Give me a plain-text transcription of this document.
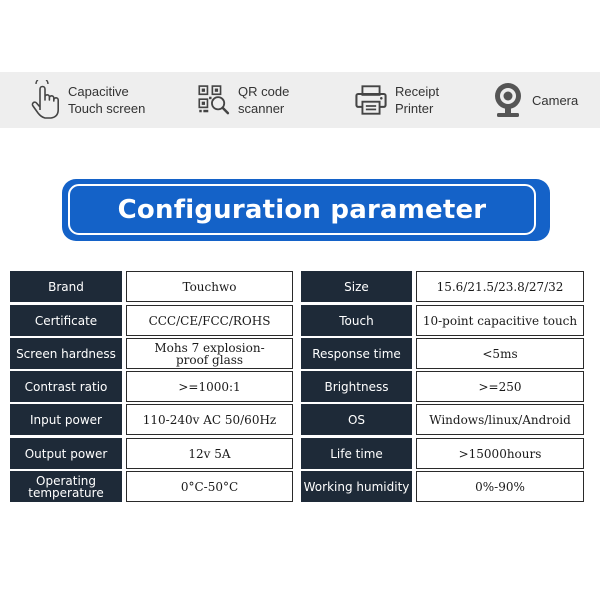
Capacitive
Touch screen
QR code
scanner
Receipt
Printer
Camera
Configuration parameter
Brand	Touchwo	Size	15.6/21.5/23.8/27/32
Certificate	CCC/CE/FCC/ROHS	Touch	10-point capacitive touch
Screen hardness	Mohs 7 explosion-proof glass	Response time	<5ms
Contrast ratio	>=1000:1	Brightness	>=250
Input power	110-240v AC 50/60Hz	OS	Windows/linux/Android
Output power	12v 5A	Life time	>15000hours
Operating temperature	0°C-50°C	Working humidity	0%-90%
